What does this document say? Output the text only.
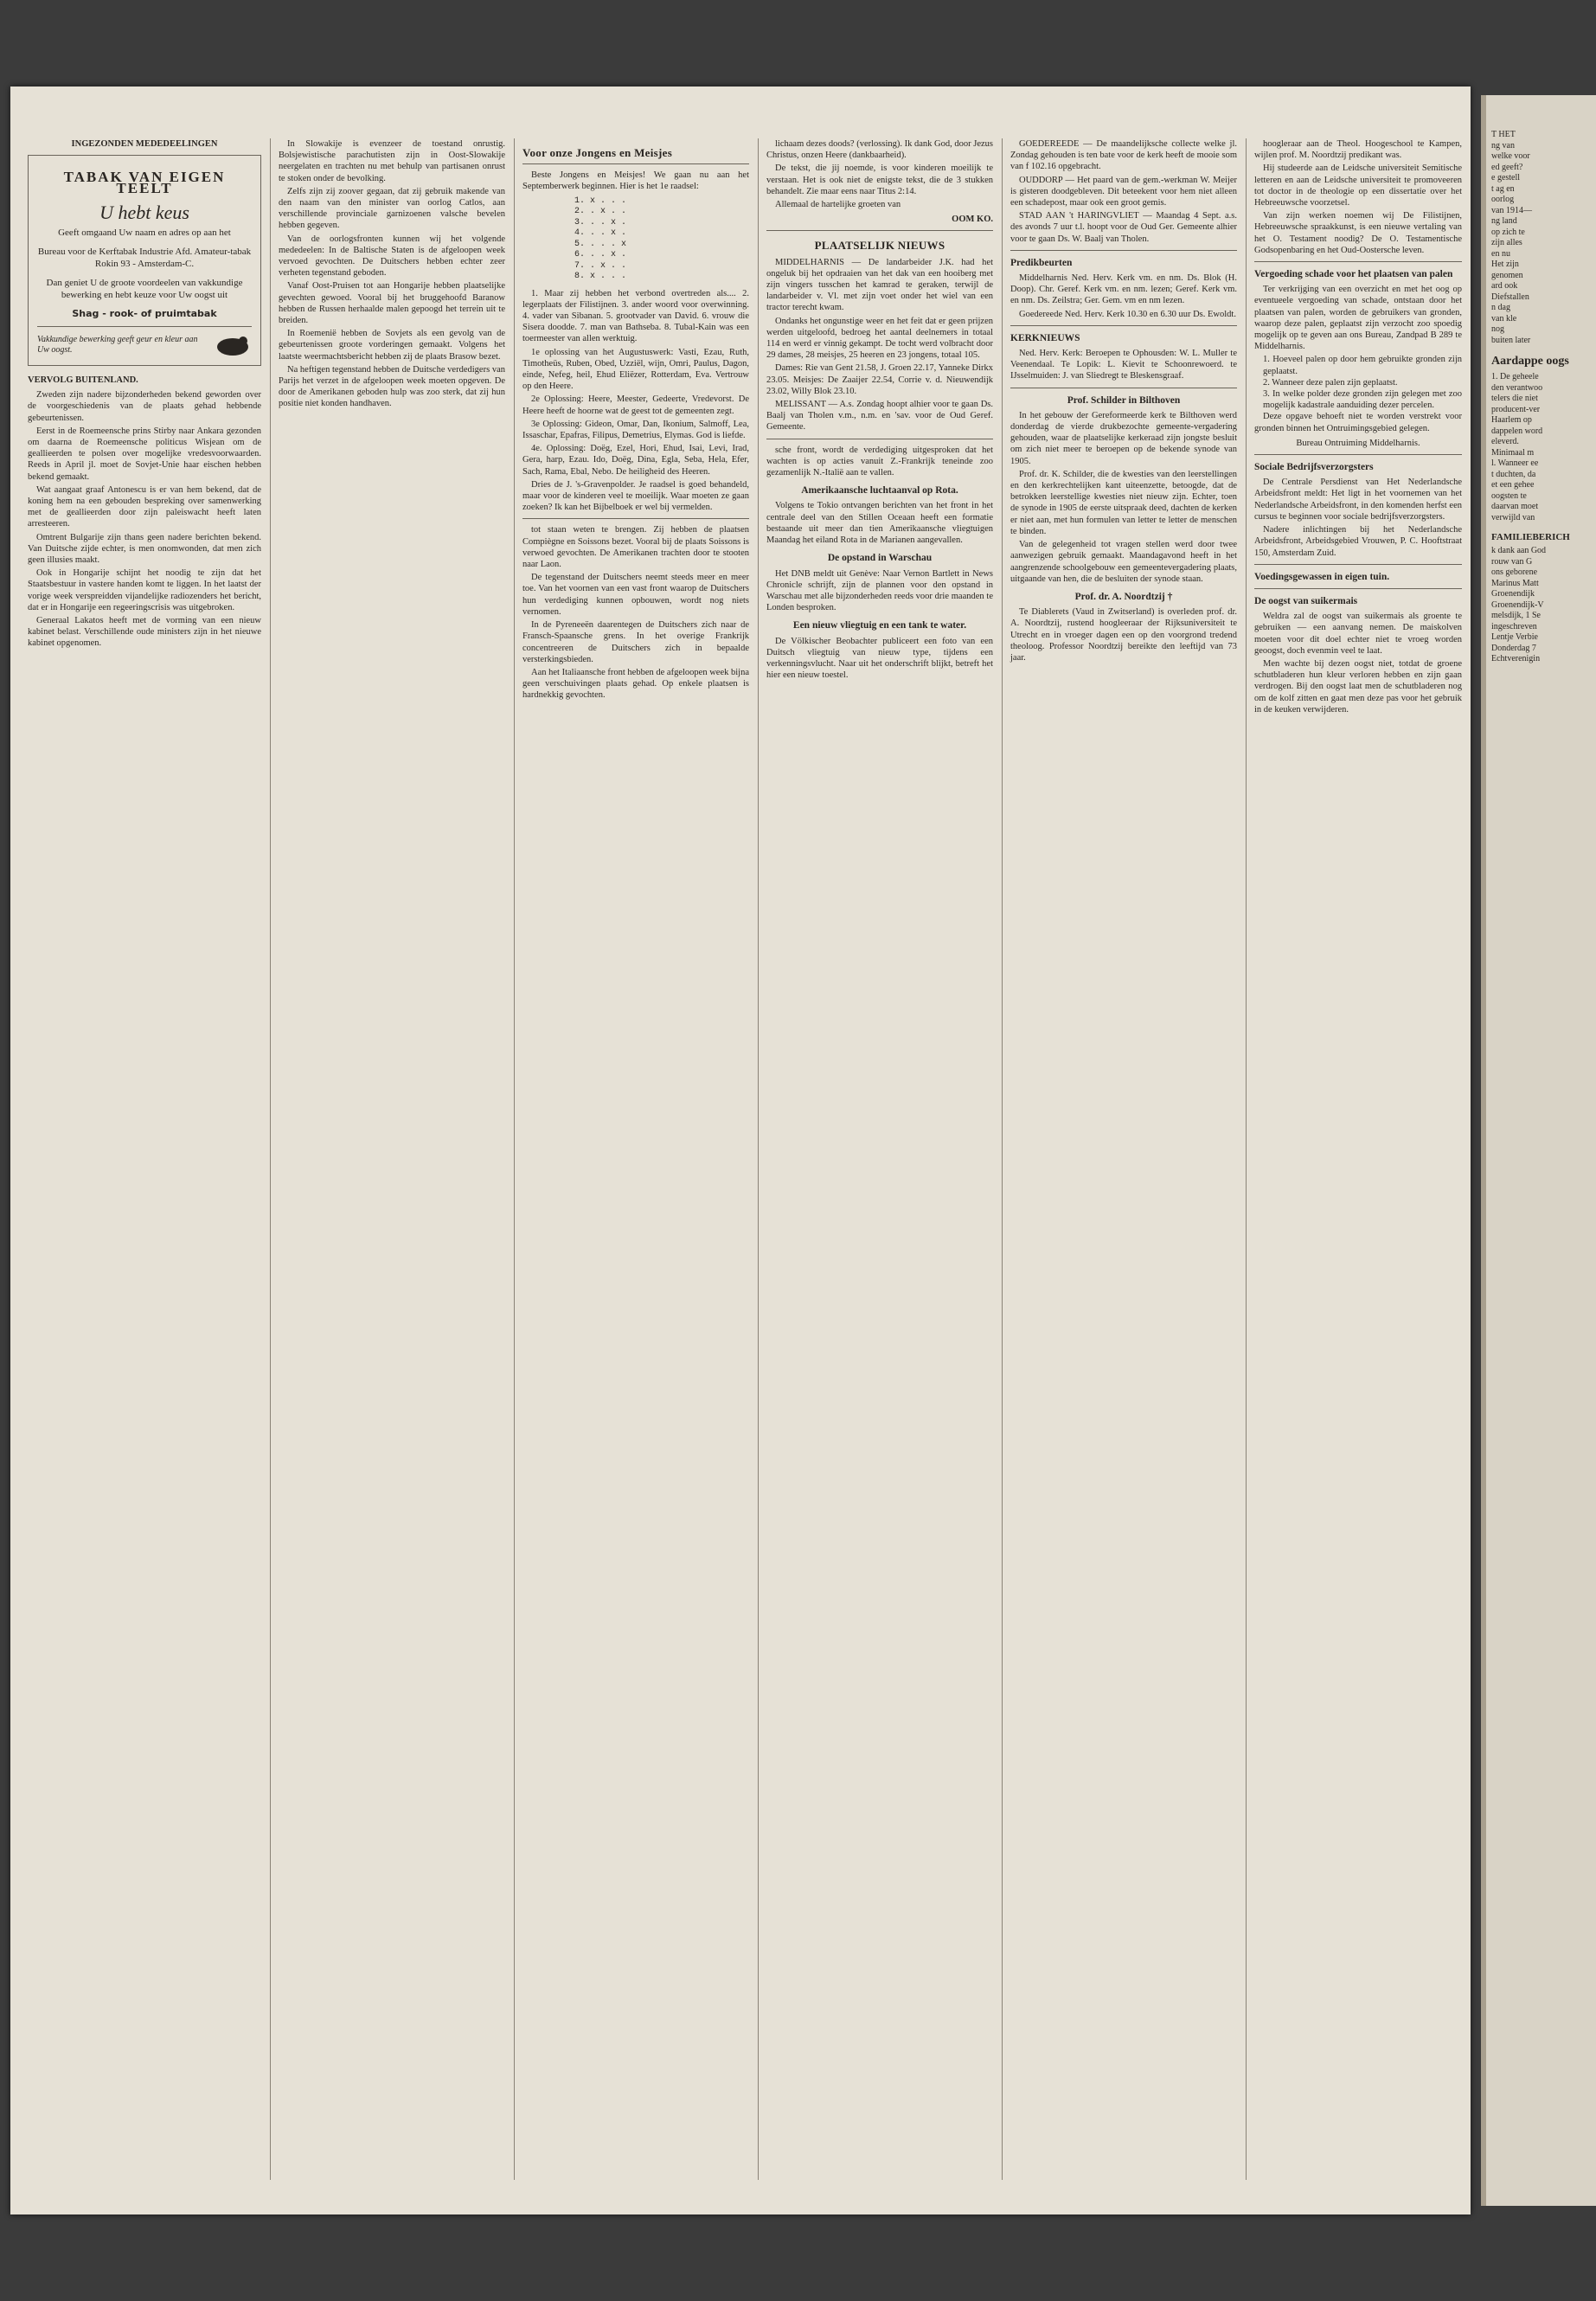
INGEZONDEN MEDEDEELINGEN
TABAK VAN EIGEN TEELT
U hebt keus
Geeft omgaand Uw naam en adres op aan het
Bureau voor de Kerftabak Industrie Afd. Amateur-tabak Rokin 93 - Amsterdam-C.
Dan geniet U de groote voordeelen van vakkundige bewerking en hebt keuze voor Uw oogst uit
Shag - rook- of pruimtabak
Vakkundige bewerking geeft geur en kleur aan Uw oogst.
VERVOLG BUITENLAND.

Zweden zijn nadere bijzonderheden bekend geworden over de voorgeschiedenis van de plaats gehad hebbende gebeurtenissen.

Eerst in de Roemeensche prins Stirby naar Ankara gezonden om daarna de Roemeensche politicus Wisjean om de geallieerden te polsen over mogelijke vredesvoorwaarden. Reeds in April jl. moet de Sovjet-Unie haar eischen hebben bekend gemaakt.

Wat aangaat graaf Antonescu is er van hem bekend, dat de koning hem na een gebouden bespreking over samenwerking met de geallieerden door zijn paleiswacht heeft laten arresteeren.

Omtrent Bulgarije zijn thans geen nadere berichten bekend. Van Duitsche zijde echter, is men onomwonden, dat men zich geen illusies maakt.

Ook in Hongarije schijnt het noodig te zijn dat het Staatsbestuur in vastere handen komt te liggen. In het laatst der vorige week verspreidden vijandelijke radiozenders het bericht, dat er in Hongarije een regeeringscrisis was uitgebroken.

Generaal Lakatos heeft met de vorming van een nieuw kabinet belast. Verschillende oude ministers zijn in het nieuwe kabinet opgenomen.

In Slowakije is evenzeer de toestand onrustig. Bolsjewistische parachutisten zijn in Oost-Slowakije neergelaten en trachten nu met behulp van partisanen onrust te stoken onder de bevolking.

Zelfs zijn zij zoover gegaan, dat zij gebruik makende van den naam van den minister van oorlog Catlos, aan verschillende provinciale garnizoenen valsche bevelen hebben gegeven.

Van de oorlogsfronten kunnen wij het volgende mededeelen: In de Baltische Staten is de afgeloopen week vervoed gevochten. De Duitschers hebben echter zeer verheten tegenstand geboden.

Vanaf Oost-Pruisen tot aan Hongarije hebben plaatselijke gevechten gewoed. Vooral bij het bruggehoofd Baranow hebben de Russen herhaalde malen gepoogd het terrein uit te breiden.

In Roemenië hebben de Sovjets als een gevolg van de gebeurtenissen groote vorderingen gemaakt. Volgens het laatste weermachtsbericht hebben zij de plaats Brasow bezet.

Na heftigen tegenstand hebben de Duitsche verdedigers van Parijs het verzet in de afgeloopen week moeten opgeven. De door de Amerikanen geboden hulp was zoo sterk, dat zij hun positie niet konden handhaven.

Voor onze Jongens en Meisjes

Beste Jongens en Meisjes! We gaan nu aan het Septemberwerk beginnen. Hier is het 1e raadsel:

1. x . . .
2. . x . .
3. . . x .
4. . . x .
5. . . . x
6. . . x .
7. . x . .
8. x . . .

1. Maar zij hebben het verbond overtreden als.... 2. legerplaats der Filistijnen. 3. ander woord voor overwinning. 4. vader van Sibanan. 5. grootvader van David. 6. vrouw die Sisera doodde. 7. man van Bathseba. 8. Tubal-Kain was een toermeester van allen werktuig.

1e oplossing van het Augustuswerk: Vasti, Ezau, Ruth, Timotheüs, Ruben, Obed, Uzziël, wijn, Omri, Paulus, Dagon, einde, Nefeg, heil, Ehud Eliëzer, Rotterdam, Eva. Vertrouw op den Heere.

2e Oplossing: Heere, Meester, Gedeerte, Vredevorst. De Heere heeft de hoorne wat de geest tot de gemeenten zegt.

3e Oplossing: Gideon, Omar, Dan, Ikonium, Salmoff, Lea, Issaschar, Epafras, Filipus, Demetrius, Elymas. God is liefde.

4e. Oplossing: Doëg, Ezel, Hori, Ehud, Isai, Levi, Irad, Gera, harp, Ezau. Ido, Doëg, Dina, Egla, Seba, Hela, Efer, Sach, Rama, Ebal, Nebo. De heiligheid des Heeren.

Dries de J. 's-Gravenpolder. Je raadsel is goed behandeld, maar voor de kinderen veel te moeilijk. Waar moeten ze gaan zoeken? Ik kan het Bijbelboek er wel bij vermelden.

tot staan weten te brengen. Zij hebben de plaatsen Compiègne en Soissons bezet. Vooral bij de plaats Soissons is verwoed gevochten. De Amerikanen trachten door te stooten naar Laon.

De tegenstand der Duitschers neemt steeds meer en meer toe. Van het voornen van een vast front waarop de Duitschers hun verdediging kunnen opbouwen, wordt nog niets vernomen.

In de Pyreneeën daarentegen de Duitschers zich naar de Fransch-Spaansche grens. In het overige Frankrijk concentreeren de Duitschers zich in bepaalde versterkingsbieden.

Aan het Italiaansche front hebben de afgeloopen week bijna geen verschuivingen plaats gehad. Op enkele plaatsen is hardnekkig gevochten.

lichaam dezes doods? (verlossing). Ik dank God, door Jezus Christus, onzen Heere (dankbaarheid).

De tekst, die jij noemde, is voor kinderen moeilijk te verstaan. Het is ook niet de enigste tekst, die de 3 stukken behandelt. Zie maar eens naar Titus 2:14.

Allemaal de hartelijke groeten van

OOM KO.
PLAATSELIJK NIEUWS

MIDDELHARNIS — De landarbeider J.K. had het ongeluk bij het opdraaien van het dak van een hooiberg met zijn vingers tusschen het kamrad te geraken, terwijl de landarbeider v. Vl. met zijn voet onder het wiel van een tractor terecht kwam.

Ondanks het ongunstige weer en het feit dat er geen prijzen werden uitgeloofd, bedroeg het aantal deelnemers in totaal 114 en werd er vinnig gekampt. De tocht werd volbracht door 29 dames, 28 meisjes, 25 heeren en 23 jongens, totaal 105.

Dames: Rie van Gent 21.58, J. Groen 22.17, Yanneke Dirkx 23.05. Meisjes: De Zaaijer 22.54, Corrie v. d. Nieuwendijk 23.02, Willy Blok 23.10.

MELISSANT — A.s. Zondag hoopt alhier voor te gaan Ds. Baalj van Tholen v.m., n.m. en 'sav. voor de Oud Geref. Gemeente.

sche front, wordt de verdediging uitgesproken dat het wachten is op acties vanuit Z.-Frankrijk teneinde zoo gezamenlijk N.-Italië aan te vallen.

Amerikaansche luchtaanval op Rota.

Volgens te Tokio ontvangen berichten van het front in het centrale deel van den Stillen Oceaan heeft een formatie bestaande uit meer dan tien Amerikaansche vliegtuigen Maandag het eiland Rota in de Marianen aangevallen.

De opstand in Warschau

Het DNB meldt uit Genève: Naar Vernon Bartlett in News Chronicle schrijft, zijn de plannen voor den opstand in Warschau met alle bijzonderheden reeds voor drie maanden te Londen besproken.

Een nieuw vliegtuig en een tank te water.

De Völkischer Beobachter publiceert een foto van een Duitsch vliegtuig van nieuw type, tijdens een verkenningsvlucht. Naar uit het onderschrift blijkt, betreft het hier een nieuw toestel.

GOEDEREEDE — De maandelijksche collecte welke jl. Zondag gehouden is ten bate voor de kerk heeft de mooie som van f 102.16 opgebracht.

OUDDORP — Het paard van de gem.-werkman W. Meijer is gisteren doodgebleven. Dit beteekent voor hem niet alleen een schadepost, maar ook een groot gemis.

STAD AAN 't HARINGVLIET — Maandag 4 Sept. a.s. des avonds 7 uur t.l. hoopt voor de Oud Ger. Gemeente alhier voor te gaan Ds. W. Baalj van Tholen.

Predikbeurten

Middelharnis Ned. Herv. Kerk vm. en nm. Ds. Blok (H. Doop). Chr. Geref. Kerk vm. en nm. lezen; Geref. Kerk vm. en nm. Ds. Zeilstra; Ger. Gem. vm en nm lezen.

Goedereede Ned. Herv. Kerk 10.30 en 6.30 uur Ds. Ewoldt.

KERKNIEUWS

Ned. Herv. Kerk: Beroepen te Ophousden: W. L. Muller te Veenendaal. Te Lopik: L. Kievit te Schoonrewoerd. te IJsselmuiden: J. van Sliedregt te Bleskensgraaf.

Prof. Schilder in Bilthoven

In het gebouw der Gereformeerde kerk te Bilthoven werd donderdag de vierde drukbezochte gemeente-vergadering gehouden, waar de plaatselijke kerkeraad zijn jongste besluit om zich niet meer te beroepen op de bekende synode van 1905.

Prof. dr. K. Schilder, die de kwesties van den leerstellingen en den kerkrechtelijken kant uiteenzette, betoogde, dat de betrokken leerstellige kwesties niet nieuw zijn. Echter, toen de synode in 1905 de eerste uitspraak deed, dachten de kerken er niet aan, met hun formulen van letter te letter de menschen te binden.

Van de gelegenheid tot vragen stellen werd door twee aanwezigen gebruik gemaakt. Maandagavond heeft in het aangrenzende schoolgebouw een gemeentevergadering plaats, uitgaande van hen, die de besluiten der synode staan.

Prof. dr. A. Noordtzij †

Te Diablerets (Vaud in Zwitserland) is overleden prof. dr. A. Noordtzij, rustend hoogleeraar der Rijksuniversiteit te Utrecht en in vroeger dagen een op den voorgrond tredend theoloog. Professor Noordtzij bereikte den leeftijd van 73 jaar.

hoogleraar aan de Theol. Hoogeschool te Kampen, wijlen prof. M. Noordtzij predikant was.

Hij studeerde aan de Leidsche universiteit Semitische letteren en aan de Leidsche universiteit te promoveeren tot doctor in de theologie op een dissertatie over het Hebreeuwsche voorzetsel.

Van zijn werken noemen wij De Filistijnen, Hebreeuwsche spraakkunst, is een nieuwe vertaling van het O. Testament noodig? De O. Testamentische Godsopenbaring en het Oud-Oostersche leven.

Vergoeding schade voor het plaatsen van palen

Ter verkrijging van een overzicht en met het oog op eventueele vergoeding van schade, ontstaan door het plaatsen van palen, worden de gebruikers van gronden, waarop deze palen, geplaatst zijn verzocht zoo spoedig mogelijk op te geven aan ons Bureau, Zandpad B 289 te Middelharnis.

1. Hoeveel palen op door hem gebruikte gronden zijn geplaatst.
2. Wanneer deze palen zijn geplaatst.
3. In welke polder deze gronden zijn gelegen met zoo mogelijk kadastrale aanduiding dezer percelen.

Deze opgave behoeft niet te worden verstrekt voor gronden binnen het Ontruimingsgebied gelegen.

Bureau Ontruiming Middelharnis.
Sociale Bedrijfsverzorgsters

De Centrale Persdienst van Het Nederlandsche Arbeidsfront meldt: Het ligt in het voornemen van het Nederlandsche Arbeidsfront, in den komenden herfst een cursus te beginnen voor sociale bedrijfsverzorgsters.

Nadere inlichtingen bij het Nederlandsche Arbeidsfront, Arbeidsgebied Vrouwen, P. C. Hooftstraat 150, Amsterdam Zuid.

Voedingsgewassen in eigen tuin.
De oogst van suikermais

Weldra zal de oogst van suikermais als groente te gebruiken — een aanvang nemen. De maiskolven moeten voor dit doel echter niet te vroeg worden geoogst, doch evenmin veel te laat.

Men wachte bij dezen oogst niet, totdat de groene schutbladeren hun kleur verloren hebben en zijn gaan verdrogen. Bij den oogst laat men de schutbladeren nog om de kolf zitten en gaat men deze pas voor het gebruik in de keuken verwijderen.

T HET
ng van
welke voor
ed geeft?
e gestell
t ag en
oorlog
van 1914—
ng land
op zich te
zijn alles
en nu
Het zijn
genomen
ard ook
Diefstallen
n dag
van kle
nog
buiten later
Aardappe oogs
1. De geheele
den verantwoo
telers die niet
producent-ver
Haarlem op
dappelen word
eleverd.
Minimaal m
l. Wanneer ee
t duchten, da
et een gehee
oogsten te
daarvan moet
verwijld van
FAMILIEBERICH
k dank aan God
rouw van G
ons geborene
Marinus Matt
Groenendijk
Groenendijk-V
melsdijk, 1 Se
ingeschreven
Lentje Verbie
Donderdag 7
Echtverenigin
